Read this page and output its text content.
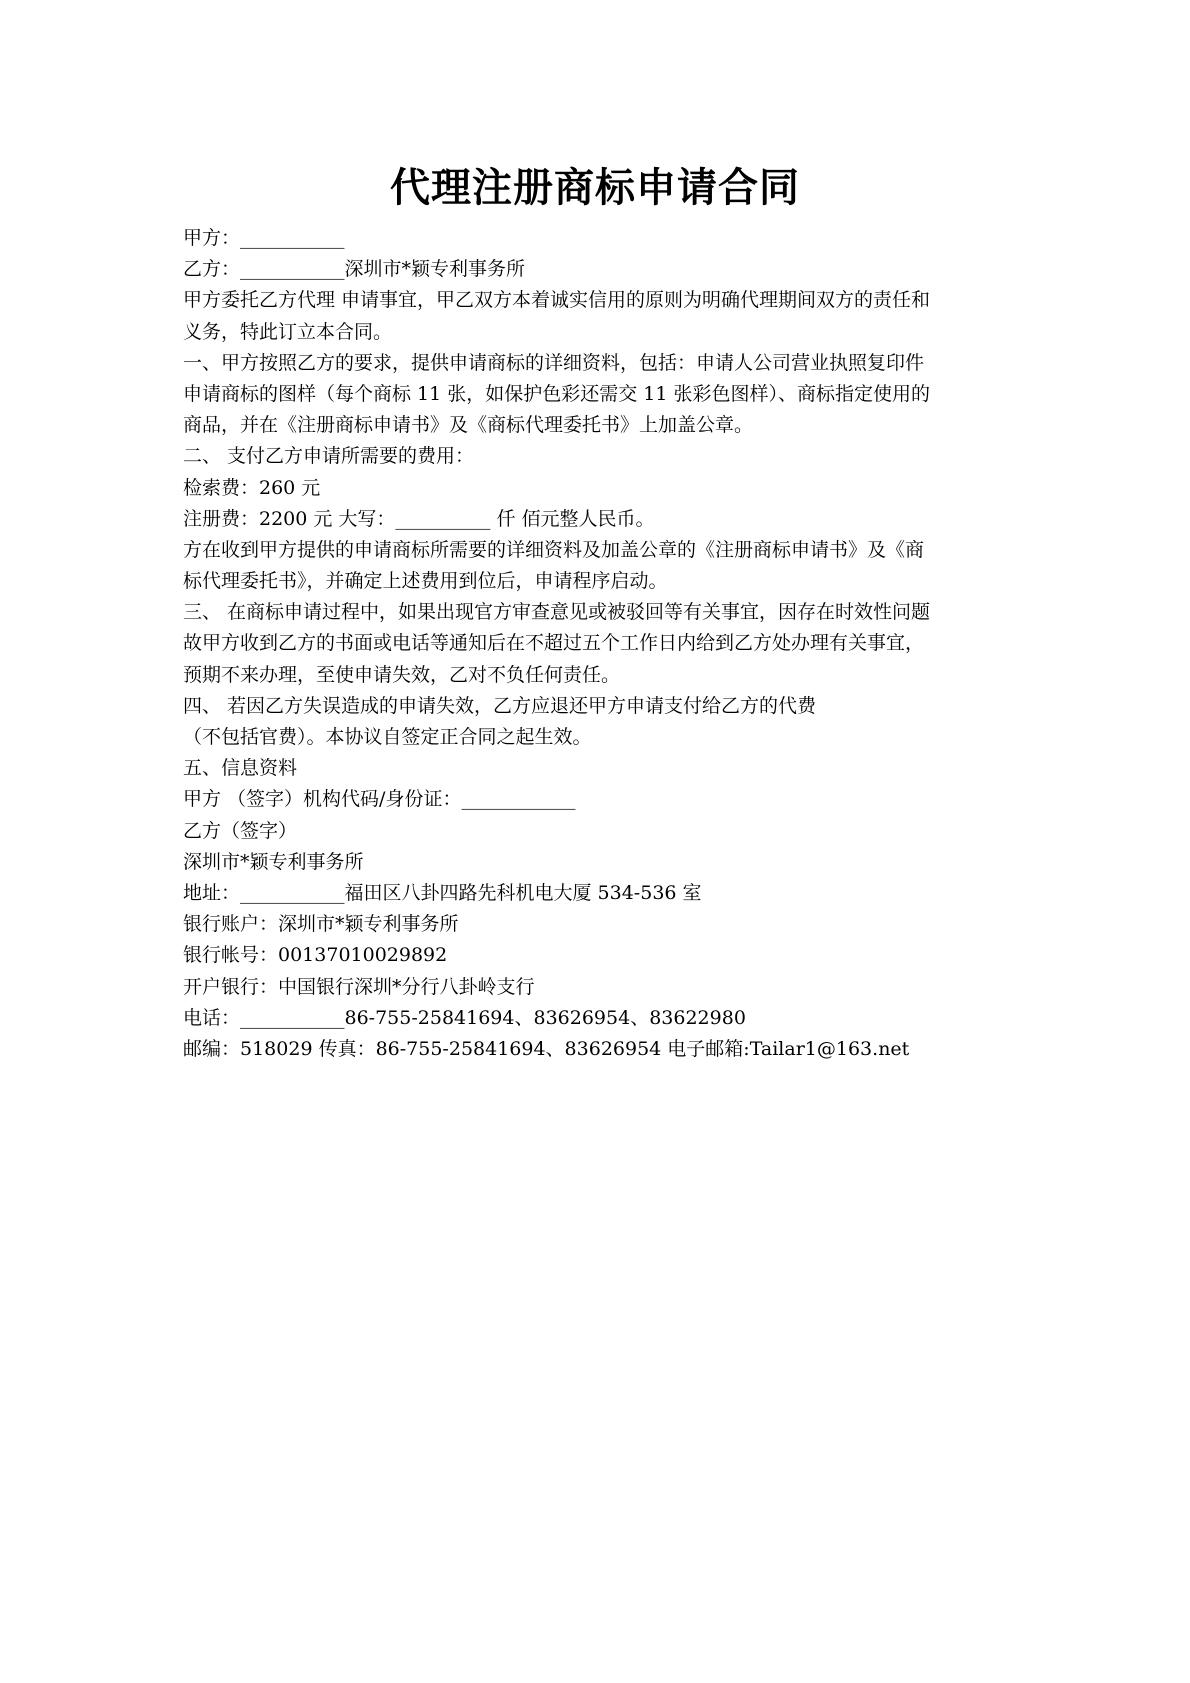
代理注册商标申请合同
甲方：___________
乙方：___________深圳市*颖专利事务所
甲方委托乙方代理 申请事宜，甲乙双方本着诚实信用的原则为明确代理期间双方的责任和
义务，特此订立本合同。
一、甲方按照乙方的要求，提供申请商标的详细资料，包括：申请人公司营业执照复印件
申请商标的图样（每个商标 11 张，如保护色彩还需交 11 张彩色图样）、商标指定使用的
商品，并在《注册商标申请书》及《商标代理委托书》上加盖公章。
二、 支付乙方申请所需要的费用：
检索费：260 元
注册费：2200 元 大写：__________ 仟 佰元整人民币。
方在收到甲方提供的申请商标所需要的详细资料及加盖公章的《注册商标申请书》及《商
标代理委托书》，并确定上述费用到位后，申请程序启动。
三、 在商标申请过程中，如果出现官方审查意见或被驳回等有关事宜，因存在时效性问题
故甲方收到乙方的书面或电话等通知后在不超过五个工作日内给到乙方处办理有关事宜，
预期不来办理，至使申请失效，乙对不负任何责任。
四、 若因乙方失误造成的申请失效，乙方应退还甲方申请支付给乙方的代费
（不包括官费）。本协议自签定正合同之起生效。
五、信息资料
甲方 （签字）机构代码/身份证：____________
乙方（签字）
深圳市*颖专利事务所
地址：___________福田区八卦四路先科机电大厦 534-536 室
银行账户：深圳市*颖专利事务所
银行帐号：00137010029892
开户银行：中国银行深圳*分行八卦岭支行
电话：___________86-755-25841694、83626954、83622980
邮编：518029 传真：86-755-25841694、83626954 电子邮箱:Tailar1@163.net
